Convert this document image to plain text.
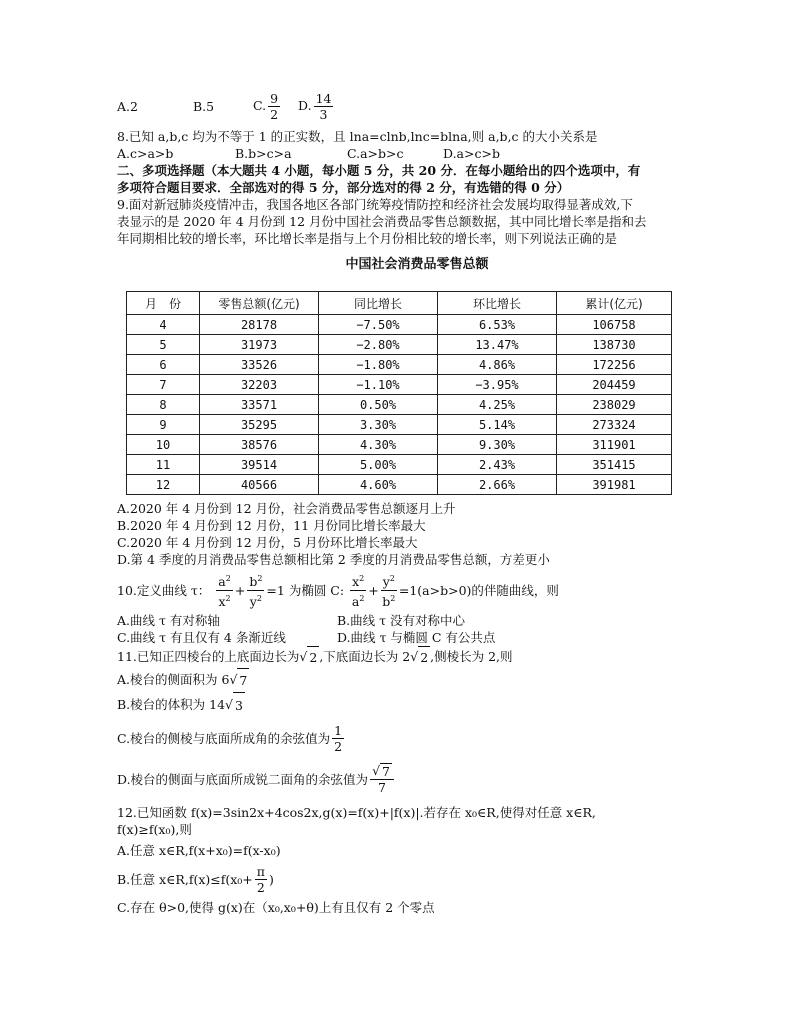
A.2	B.5	C. $\frac{9}{2} D$. $\frac{14}{3}$
8.已知 a,b,c 均为不等于 1 的正实数，且 lna=clnb,lnc=blna,则 a,b,c 的大小关系是
A.c>a>b	B.b>c>a	C.a>b>c	D.a>c>b
二、多项选择题（本大题共 4 小题，每小题 5 分，共 20 分．在每小题给出的四个选项中，有
多项符合题目要求．全部选对的得 5 分，部分选对的得 2 分，有选错的得 0 分）
9.面对新冠肺炎疫情冲击，我国各地区各部门统筹疫情防控和经济社会发展均取得显著成效,下
表显示的是 2020 年 4 月份到 12 月份中国社会消费品零售总额数据，其中同比增长率是指和去
年同期相比较的增长率，环比增长率是指与上个月份相比较的增长率，则下列说法正确的是
中国社会消费品零售总额
月　份	零售总额(亿元)	同比增长	环比增长	累计(亿元)
4	28178	−7.50%	6.53%	106758
5	31973	−2.80%	13.47%	138730
6	33526	−1.80%	4.86%	172256
7	32203	−1.10%	−3.95%	204459
8	33571	0.50%	4.25%	238029
9	35295	3.30%	5.14%	273324
10	38576	4.30%	9.30%	311901
11	39514	5.00%	2.43%	351415
12	40566	4.60%	2.66%	391981
A.2020 年 4 月份到 12 月份，社会消费品零售总额逐月上升
B.2020 年 4 月份到 12 月份，11 月份同比增长率最大
C.2020 年 4 月份到 12 月份，5 月份环比增长率最大
D.第 4 季度的月消费品零售总额相比第 2 季度的月消费品零售总额，方差更小
10.定义曲线 τ： $\frac{a^2}{x^2} + \frac{b^2}{y^2} =1$ 为椭圆 C: $\frac{x^2}{a^2} + \frac{y^2}{b^2} =1(a>b>0)$的伴随曲线，则
A.曲线 τ 有对称轴	B.曲线 τ 没有对称中心
C.曲线 τ 有且仅有 4 条渐近线	D.曲线 τ 与椭圆 C 有公共点
11.已知正四棱台的上底面边长为√ 2 ,下底面边长为 2√ 2 ,侧棱长为 2,则
A.棱台的侧面积为 6√ 7
B.棱台的体积为 14√ 3
C.棱台的侧棱与底面所成角的余弦值为 $\frac{1}{2}$
D.棱台的侧面与底面所成锐二面角的余弦值为 $\frac{√ 7}{7}$
12.已知函数 f(x)=3sin2x+4cos2x,g(x)=f(x)+|f(x)|.若存在 x₀∈R,使得对任意 x∈R,
f(x)≥f(x₀),则
A.任意 x∈R,f(x+x₀)=f(x-x₀)
B.任意 x∈R,f(x)≤f(x₀+ $\frac{\pi}{2}$ )
C.存在 θ>0,使得 g(x)在（x₀,x₀+θ)上有且仅有 2 个零点
